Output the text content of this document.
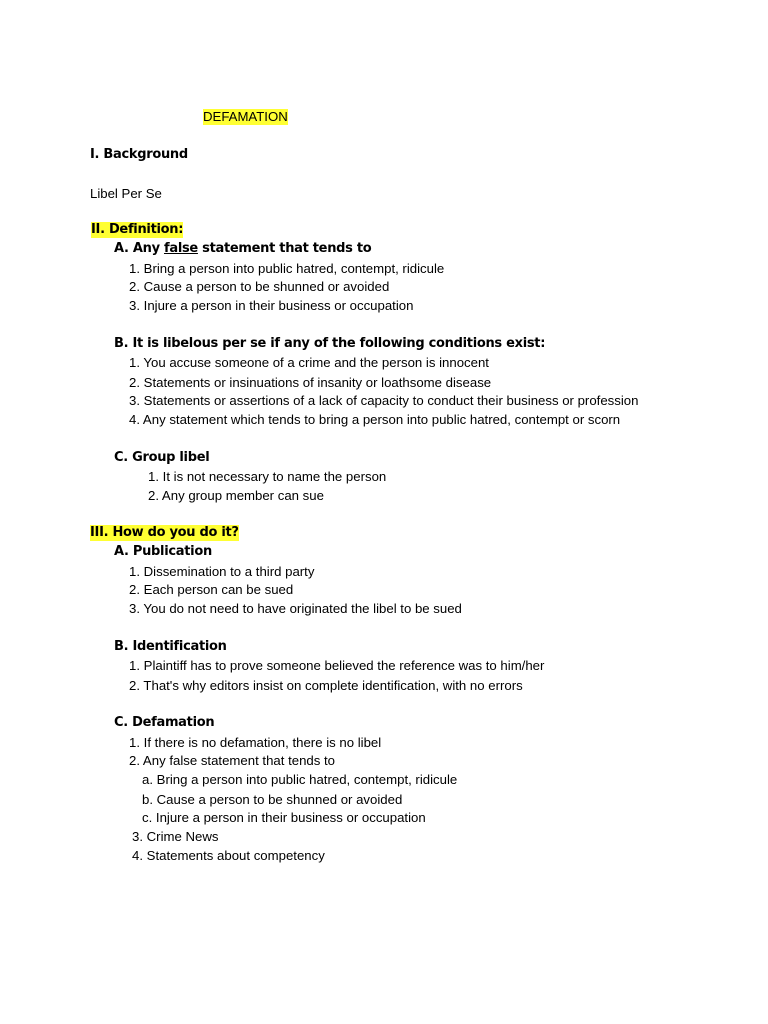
DEFAMATION
I. Background
Libel Per Se
II. Definition:
A. Any false statement that tends to
1. Bring a person into public hatred, contempt, ridicule
2. Cause a person to be shunned or avoided
3. Injure a person in their business or occupation
B. It is libelous per se if any of the following conditions exist:
1. You accuse someone of a crime and the person is innocent
2. Statements or insinuations of insanity or loathsome disease
3. Statements or assertions of a lack of capacity to conduct their business or profession
4. Any statement which tends to bring a person into public hatred, contempt or scorn
C. Group libel
1. It is not necessary to name the person
2. Any group member can sue
III. How do you do it?
A. Publication
1. Dissemination to a third party
2. Each person can be sued
3. You do not need to have originated the libel to be sued
B. Identification
1. Plaintiff has to prove someone believed the reference was to him/her
2. That's why editors insist on complete identification, with no errors
C. Defamation
1. If there is no defamation, there is no libel
2. Any false statement that tends to
a. Bring a person into public hatred, contempt, ridicule
b. Cause a person to be shunned or avoided
c. Injure a person in their business or occupation
3. Crime News
4. Statements about competency
